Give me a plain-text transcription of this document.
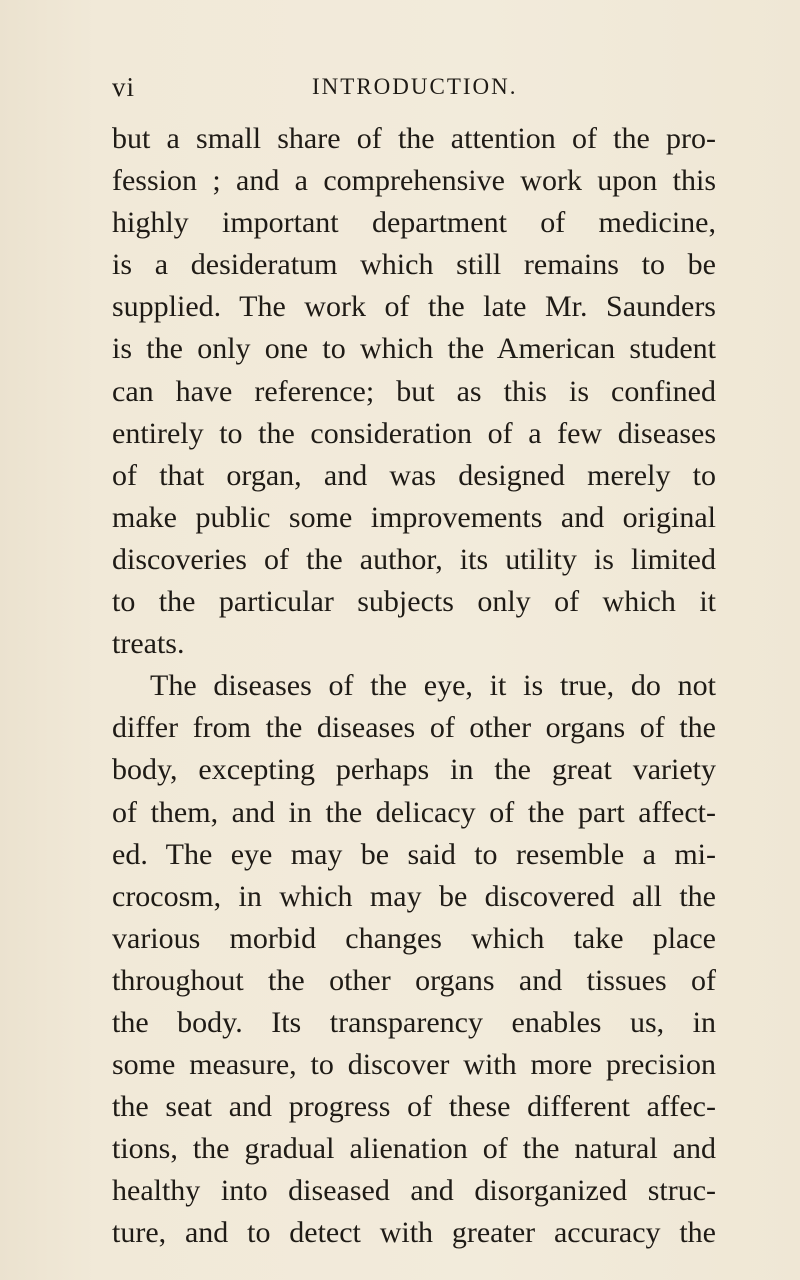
vi	INTRODUCTION.
but a small share of the attention of the pro-
fession ; and a comprehensive work upon this
highly important department of medicine,
is a desideratum which still remains to be
supplied. The work of the late Mr. Saunders
is the only one to which the American student
can have reference; but as this is confined
entirely to the consideration of a few diseases
of that organ, and was designed merely to
make public some improvements and original
discoveries of the author, its utility is limited
to the particular subjects only of which it
treats.
The diseases of the eye, it is true, do not
differ from the diseases of other organs of the
body, excepting perhaps in the great variety
of them, and in the delicacy of the part affect-
ed. The eye may be said to resemble a mi-
crocosm, in which may be discovered all the
various morbid changes which take place
throughout the other organs and tissues of
the body. Its transparency enables us, in
some measure, to discover with more precision
the seat and progress of these different affec-
tions, the gradual alienation of the natural and
healthy into diseased and disorganized struc-
ture, and to detect with greater accuracy the
